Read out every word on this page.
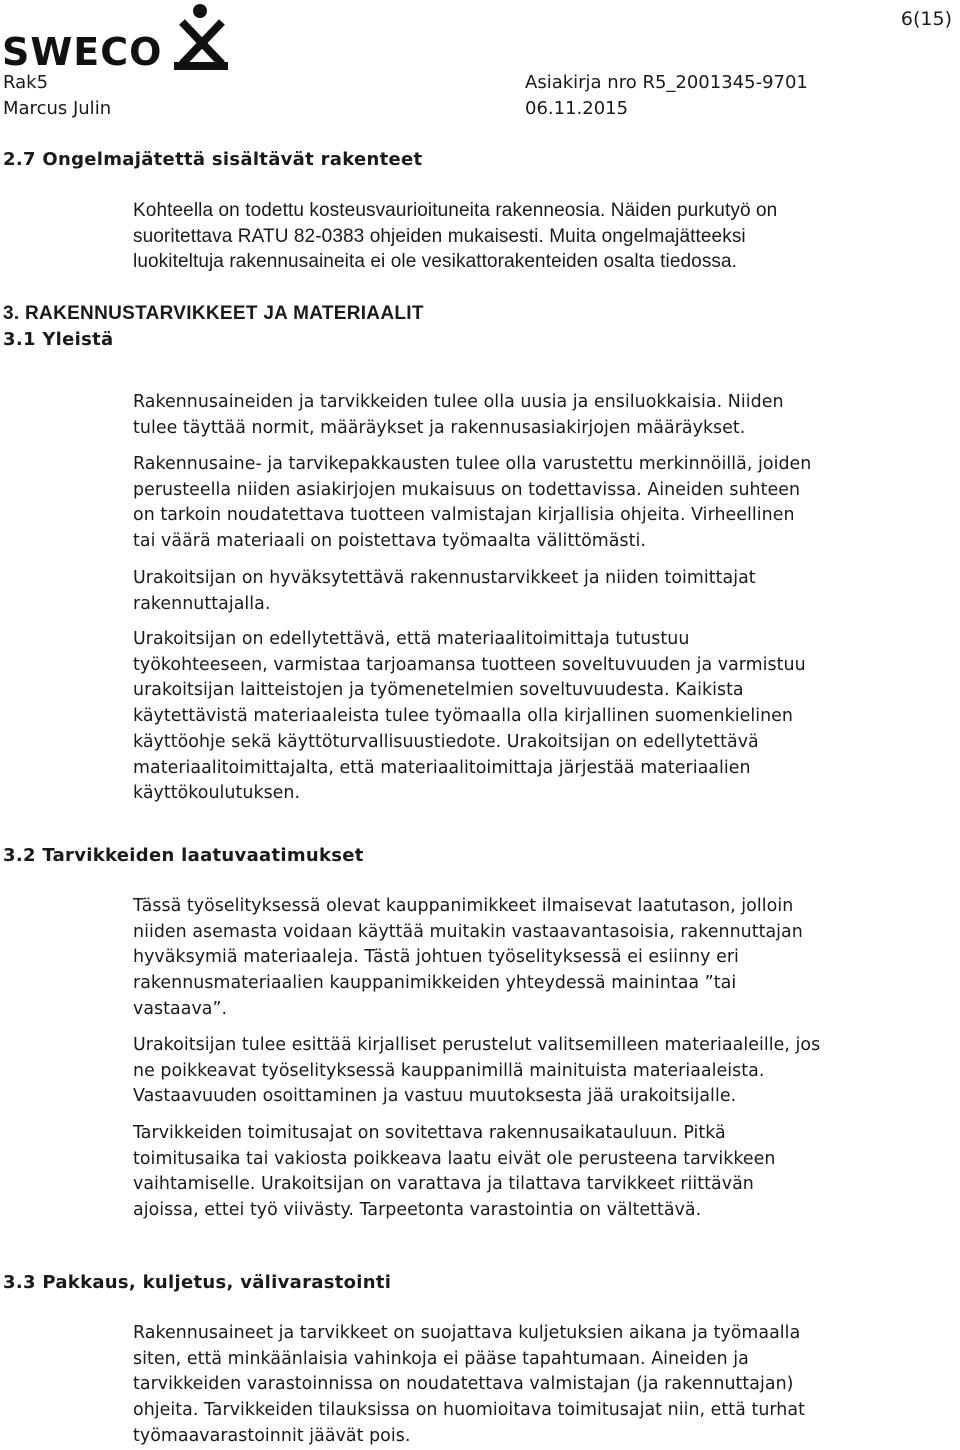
6(15)
SWECO
Rak5
Marcus Julin
Asiakirja nro R5_2001345-9701
06.11.2015
2.7 Ongelmajätettä sisältävät rakenteet
Kohteella on todettu kosteusvaurioituneita rakenneosia. Näiden purkutyö on
suoritettava RATU 82-0383 ohjeiden mukaisesti. Muita ongelmajätteeksi
luokiteltuja rakennusaineita ei ole vesikattorakenteiden osalta tiedossa.
3. RAKENNUSTARVIKKEET JA MATERIAALIT
3.1 Yleistä
Rakennusaineiden ja tarvikkeiden tulee olla uusia ja ensiluokkaisia. Niiden
tulee täyttää normit, määräykset ja rakennusasiakirjojen määräykset.
Rakennusaine- ja tarvikepakkausten tulee olla varustettu merkinnöillä, joiden
perusteella niiden asiakirjojen mukaisuus on todettavissa. Aineiden suhteen
on tarkoin noudatettava tuotteen valmistajan kirjallisia ohjeita. Virheellinen
tai väärä materiaali on poistettava työmaalta välittömästi.
Urakoitsijan on hyväksytettävä rakennustarvikkeet ja niiden toimittajat
rakennuttajalla.
Urakoitsijan on edellytettävä, että materiaalitoimittaja tutustuu
työkohteeseen, varmistaa tarjoamansa tuotteen soveltuvuuden ja varmistuu
urakoitsijan laitteistojen ja työmenetelmien soveltuvuudesta. Kaikista
käytettävistä materiaaleista tulee työmaalla olla kirjallinen suomenkielinen
käyttöohje sekä käyttöturvallisuustiedote. Urakoitsijan on edellytettävä
materiaalitoimittajalta, että materiaalitoimittaja järjestää materiaalien
käyttökoulutuksen.
3.2 Tarvikkeiden laatuvaatimukset
Tässä työselityksessä olevat kauppanimikkeet ilmaisevat laatutason, jolloin
niiden asemasta voidaan käyttää muitakin vastaavantasoisia, rakennuttajan
hyväksymiä materiaaleja. Tästä johtuen työselityksessä ei esiinny eri
rakennusmateriaalien kauppanimikkeiden yhteydessä mainintaa ”tai
vastaava”.
Urakoitsijan tulee esittää kirjalliset perustelut valitsemilleen materiaaleille, jos
ne poikkeavat työselityksessä kauppanimillä mainituista materiaaleista.
Vastaavuuden osoittaminen ja vastuu muutoksesta jää urakoitsijalle.
Tarvikkeiden toimitusajat on sovitettava rakennusaikatauluun. Pitkä
toimitusaika tai vakiosta poikkeava laatu eivät ole perusteena tarvikkeen
vaihtamiselle. Urakoitsijan on varattava ja tilattava tarvikkeet riittävän
ajoissa, ettei työ viivästy. Tarpeetonta varastointia on vältettävä.
3.3 Pakkaus, kuljetus, välivarastointi
Rakennusaineet ja tarvikkeet on suojattava kuljetuksien aikana ja työmaalla
siten, että minkäänlaisia vahinkoja ei pääse tapahtumaan. Aineiden ja
tarvikkeiden varastoinnissa on noudatettava valmistajan (ja rakennuttajan)
ohjeita. Tarvikkeiden tilauksissa on huomioitava toimitusajat niin, että turhat
työmaavarastoinnit jäävät pois.
